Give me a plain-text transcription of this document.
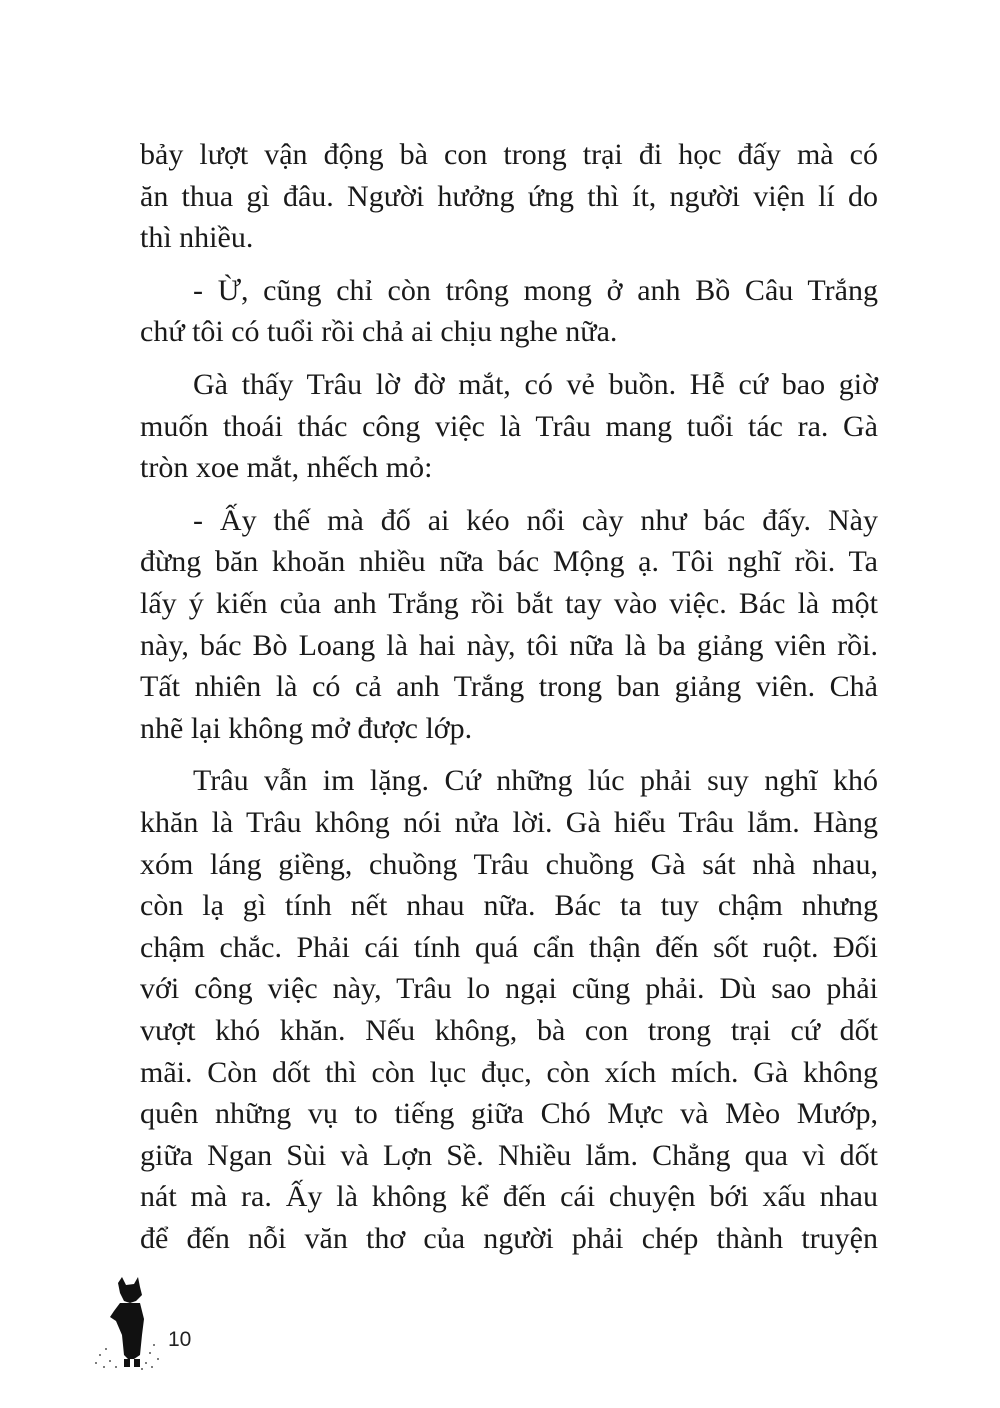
bảy lượt vận động bà con trong trại đi học đấy mà có
ăn thua gì đâu. Người hưởng ứng thì ít, người viện lí do
thì nhiều.
- Ừ, cũng chỉ còn trông mong ở anh Bồ Câu Trắng
chứ tôi có tuổi rồi chả ai chịu nghe nữa.
Gà thấy Trâu lờ đờ mắt, có vẻ buồn. Hễ cứ bao giờ
muốn thoái thác công việc là Trâu mang tuổi tác ra. Gà
tròn xoe mắt, nhếch mỏ:
- Ấy thế mà đố ai kéo nổi cày như bác đấy. Này
đừng băn khoăn nhiều nữa bác Mộng ạ. Tôi nghĩ rồi. Ta
lấy ý kiến của anh Trắng rồi bắt tay vào việc. Bác là một
này, bác Bò Loang là hai này, tôi nữa là ba giảng viên rồi.
Tất nhiên là có cả anh Trắng trong ban giảng viên. Chả
nhẽ lại không mở được lớp.
Trâu vẫn im lặng. Cứ những lúc phải suy nghĩ khó
khăn là Trâu không nói nửa lời. Gà hiểu Trâu lắm. Hàng
xóm láng giềng, chuồng Trâu chuồng Gà sát nhà nhau,
còn lạ gì tính nết nhau nữa. Bác ta tuy chậm nhưng
chậm chắc. Phải cái tính quá cẩn thận đến sốt ruột. Đối
với công việc này, Trâu lo ngại cũng phải. Dù sao phải
vượt khó khăn. Nếu không, bà con trong trại cứ dốt
mãi. Còn dốt thì còn lục đục, còn xích mích. Gà không
quên những vụ to tiếng giữa Chó Mực và Mèo Mướp,
giữa Ngan Sùi và Lợn Sề. Nhiều lắm. Chẳng qua vì dốt
nát mà ra. Ấy là không kể đến cái chuyện bới xấu nhau
để đến nỗi văn thơ của người phải chép thành truyện
10
